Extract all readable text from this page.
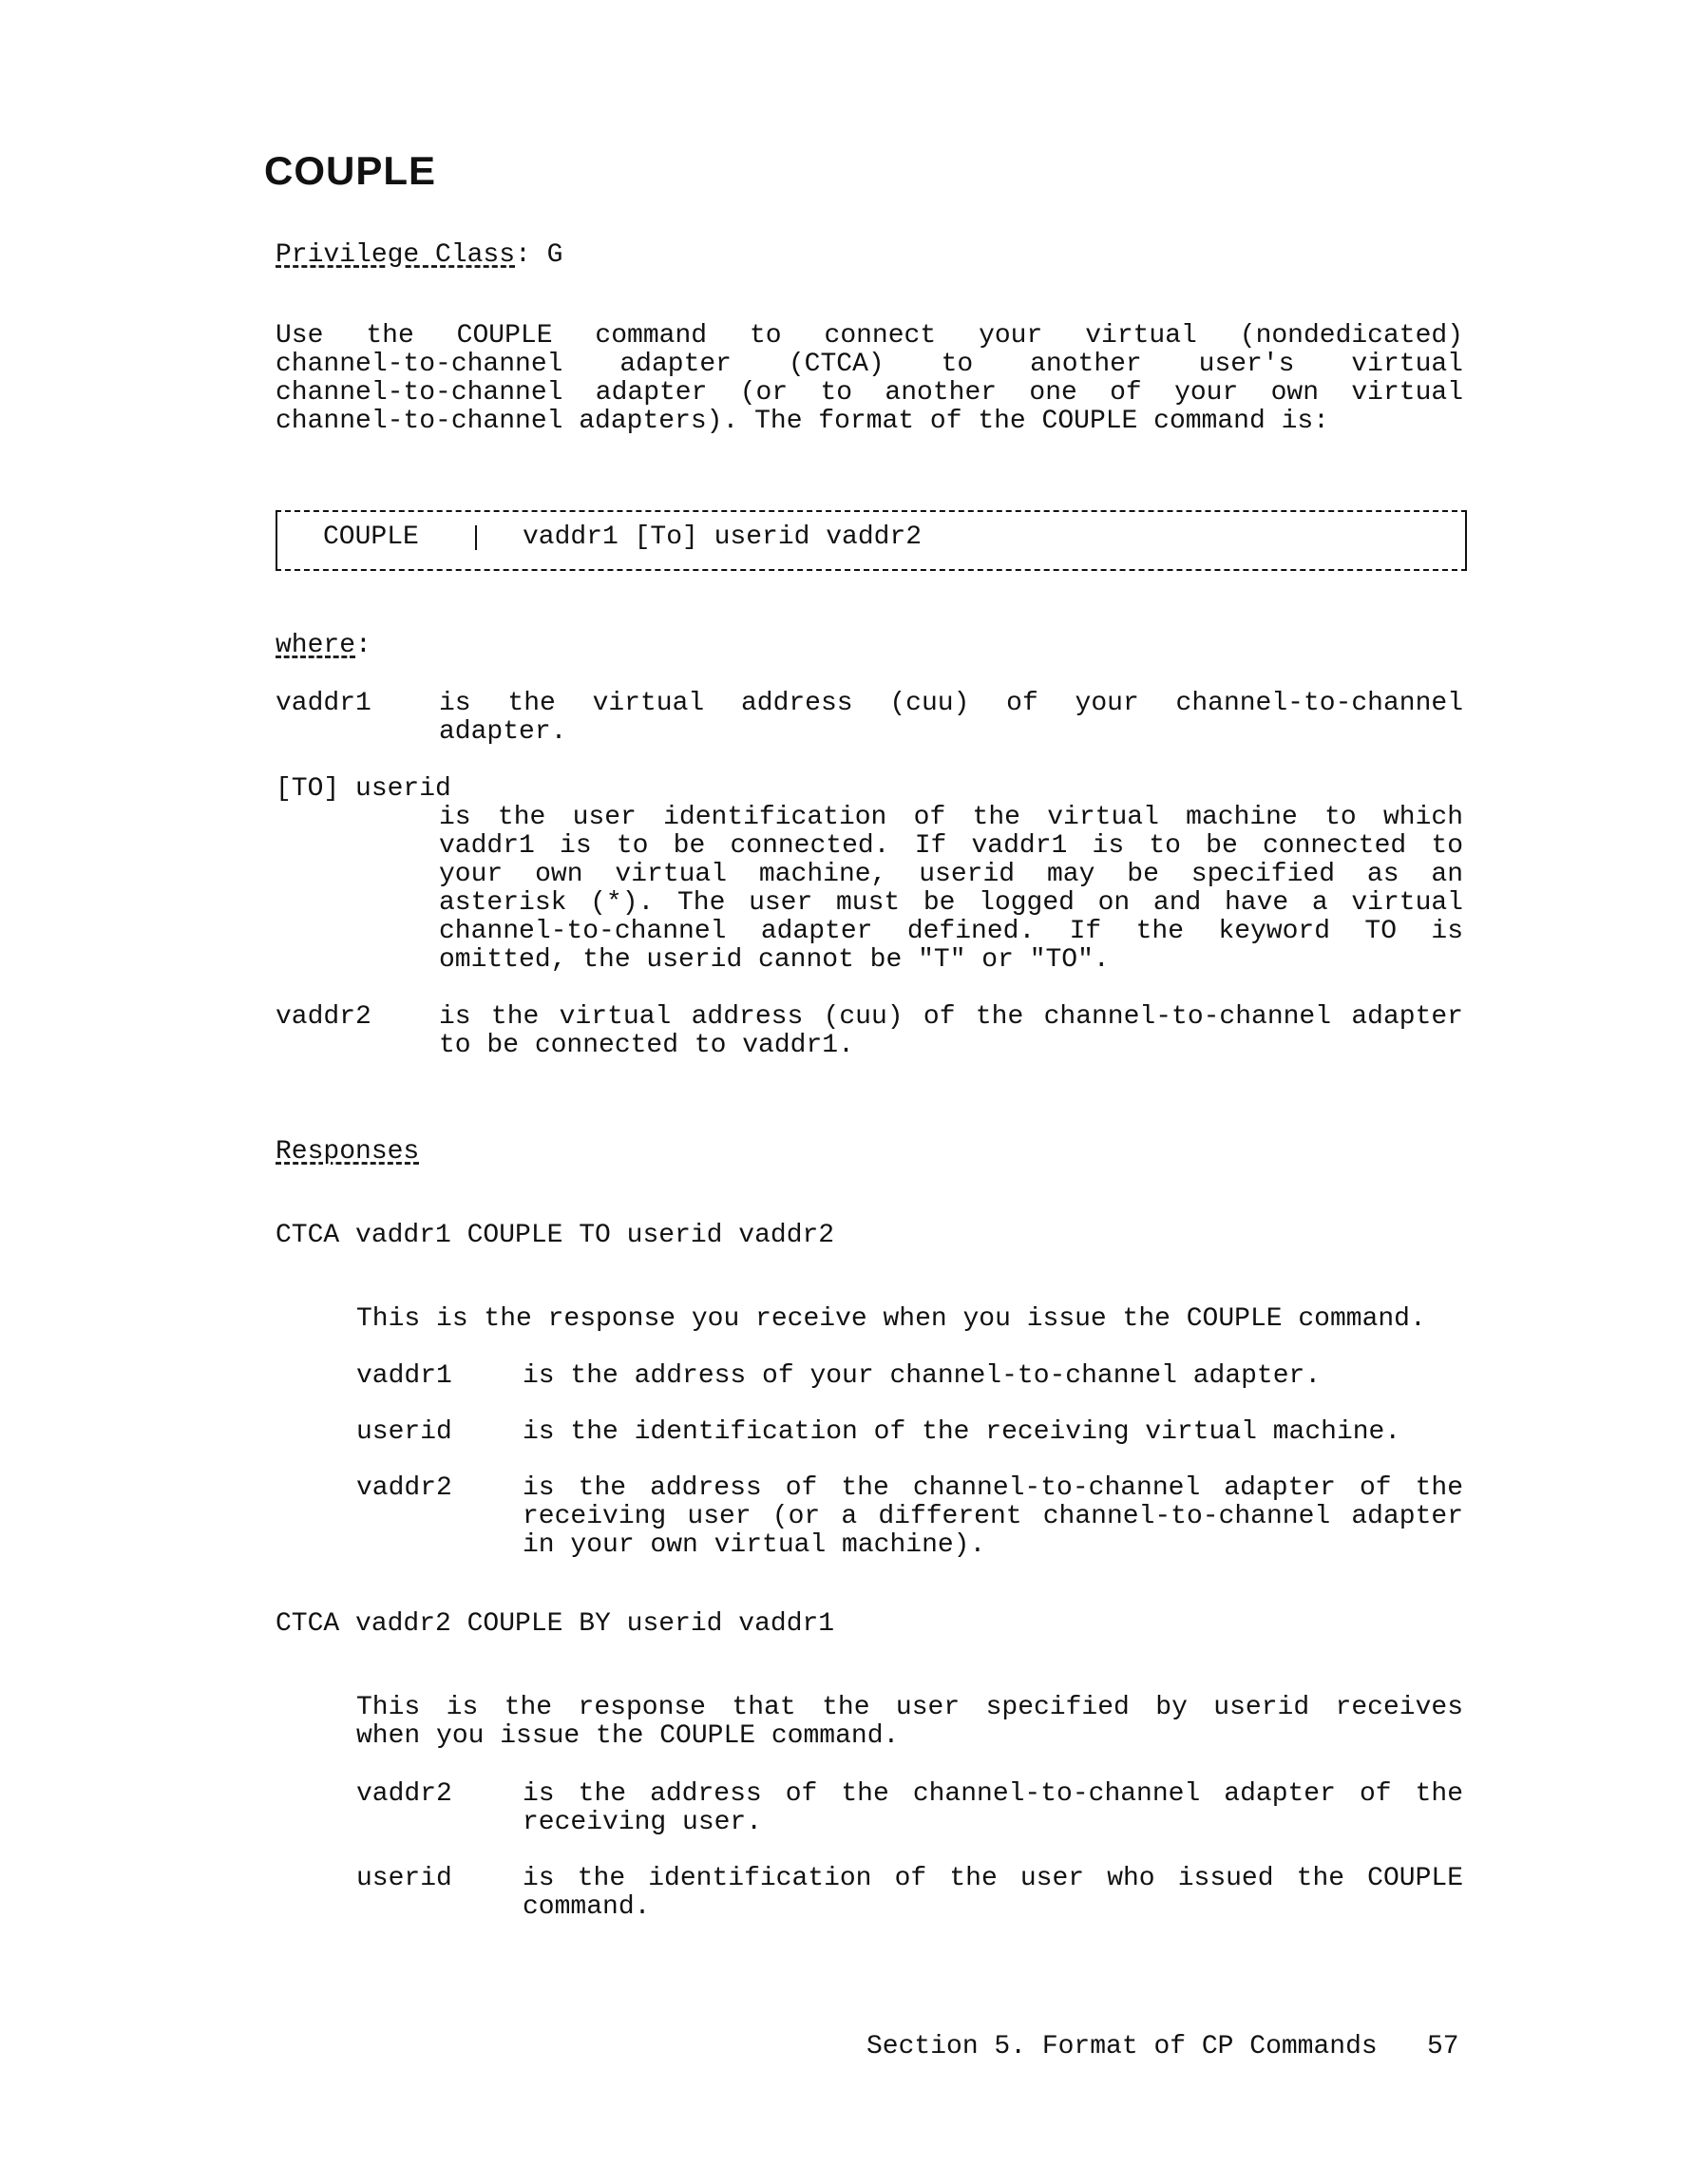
COUPLE
Privilege Class: G
Use the COUPLE command to connect your virtual (nondedicated)
channel-to-channel adapter (CTCA) to another user's virtual
channel-to-channel adapter (or to another one of your own virtual
channel-to-channel adapters). The format of the COUPLE command is:
COUPLE	vaddr1 [To] userid vaddr2
where:
vaddr1	is the virtual address (cuu) of your channel-to-channel
adapter.
[TO] userid
is the user identification of the virtual machine to which
vaddr1 is to be connected. If vaddr1 is to be connected to
your own virtual machine, userid may be specified as an
asterisk (*). The user must be logged on and have a virtual
channel-to-channel adapter defined. If the keyword TO is
omitted, the userid cannot be "T" or "TO".
vaddr2	is the virtual address (cuu) of the channel-to-channel adapter
to be connected to vaddr1.
Responses
CTCA vaddr1 COUPLE TO userid vaddr2
This is the response you receive when you issue the COUPLE command.
vaddr1	is the address of your channel-to-channel adapter.
userid	is the identification of the receiving virtual machine.
vaddr2	is the address of the channel-to-channel adapter of the
receiving user (or a different channel-to-channel adapter
in your own virtual machine).
CTCA vaddr2 COUPLE BY userid vaddr1
This is the response that the user specified by userid receives
when you issue the COUPLE command.
vaddr2	is the address of the channel-to-channel adapter of the
receiving user.
userid	is the identification of the user who issued the COUPLE
command.
Section 5. Format of CP Commands 57
